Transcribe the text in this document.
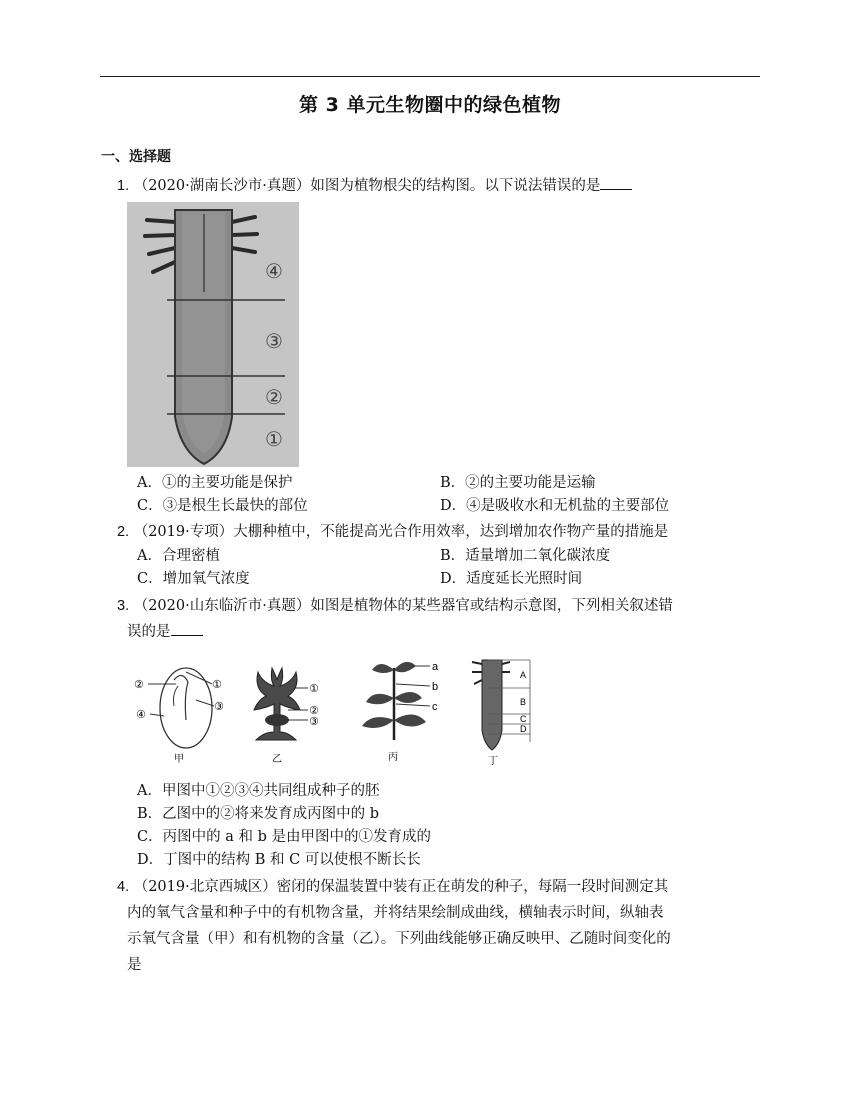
第 3 单元生物圈中的绿色植物
一、选择题
1. （2020·湖南长沙市·真题）如图为植物根尖的结构图。以下说法错误的是
④
③
②
①
A．①的主要功能是保护	B．②的主要功能是运输
C．③是根生长最快的部位	D．④是吸收水和无机盐的主要部位
2. （2019·专项）大棚种植中，不能提高光合作用效率，达到增加农作物产量的措施是
A．合理密植	B．适量增加二氧化碳浓度
C．增加氧气浓度	D．适度延长光照时间
3. （2020·山东临沂市·真题）如图是植物体的某些器官或结构示意图，下列相关叙述错
误的是
②	①
④
③
甲
①
②
③
乙
a
b
c
丙
A
B
C
D
丁
A．甲图中①②③④共同组成种子的胚
B．乙图中的②将来发育成丙图中的 b
C．丙图中的 a 和 b 是由甲图中的①发育成的
D．丁图中的结构 B 和 C 可以使根不断长长
4. （2019·北京西城区）密闭的保温装置中装有正在萌发的种子，每隔一段时间测定其
内的氧气含量和种子中的有机物含量，并将结果绘制成曲线，横轴表示时间，纵轴表
示氧气含量（甲）和有机物的含量（乙）。下列曲线能够正确反映甲、乙随时间变化的
是
